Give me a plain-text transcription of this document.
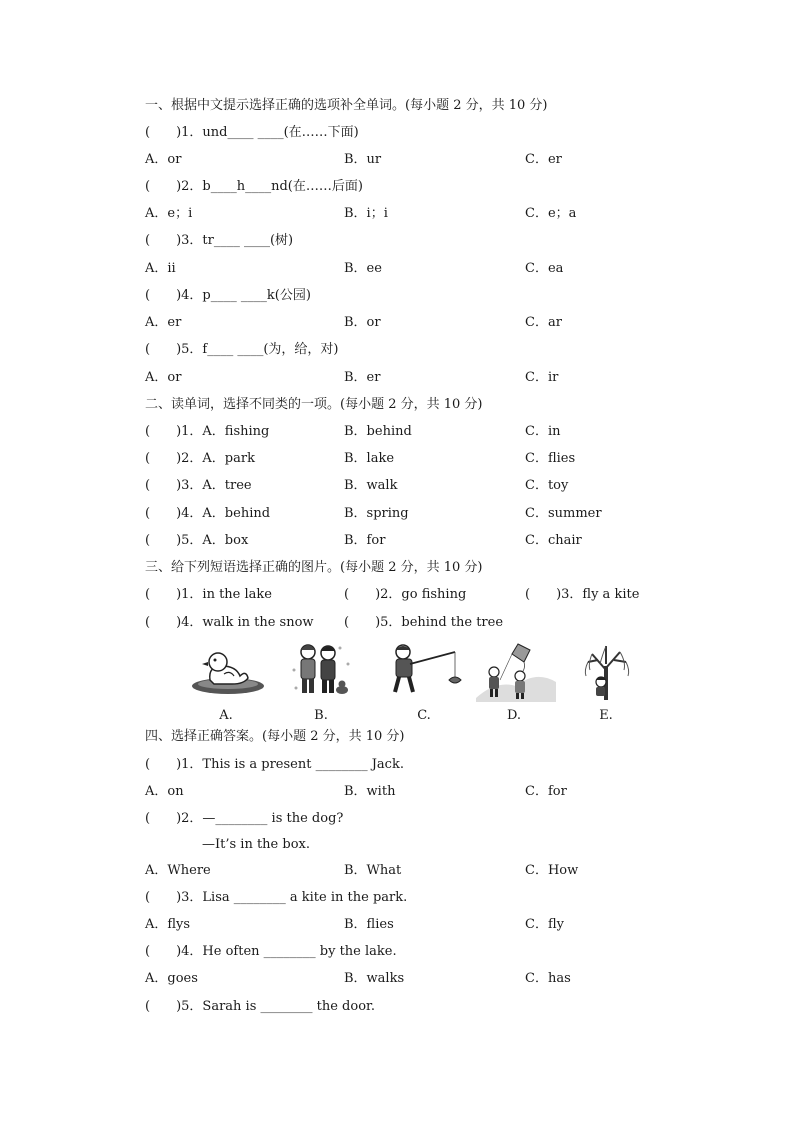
一、根据中文提示选择正确的选项补全单词。(每小题 2 分，共 10 分)
(　　)1．und____ ____(在……下面)
A．or	B．ur	C．er
(　　)2．b____h____nd(在……后面)
A．e；i	B．i；i	C．e；a
(　　)3．tr____ ____(树)
A．ii	B．ee	C．ea
(　　)4．p____ ____k(公园)
A．er	B．or	C．ar
(　　)5．f____ ____(为，给，对)
A．or	B．er	C．ir
二、读单词，选择不同类的一项。(每小题 2 分，共 10 分)
(　　)1．A．fishing	B．behind	C．in
(　　)2．A．park	B．lake	C．flies
(　　)3．A．tree	B．walk	C．toy
(　　)4．A．behind	B．spring	C．summer
(　　)5．A．box	B．for	C．chair
三、给下列短语选择正确的图片。(每小题 2 分，共 10 分)
(　　)1．in the lake	(　　)2．go fishing	(　　)3．fly a kite
(　　)4．walk in the snow (　　)5．behind the tree
A.	B.	C.	D.	E.
四、选择正确答案。(每小题 2 分，共 10 分)
(　　)1．This is a present ________ Jack.
A．on	B．with	C．for
(　　)2．—________ is the dog?
—It’s in the box.
A．Where	B．What	C．How
(　　)3．Lisa ________ a kite in the park.
A．flys	B．flies	C．fly
(　　)4．He often ________ by the lake.
A．goes	B．walks	C．has
(　　)5．Sarah is ________ the door.
